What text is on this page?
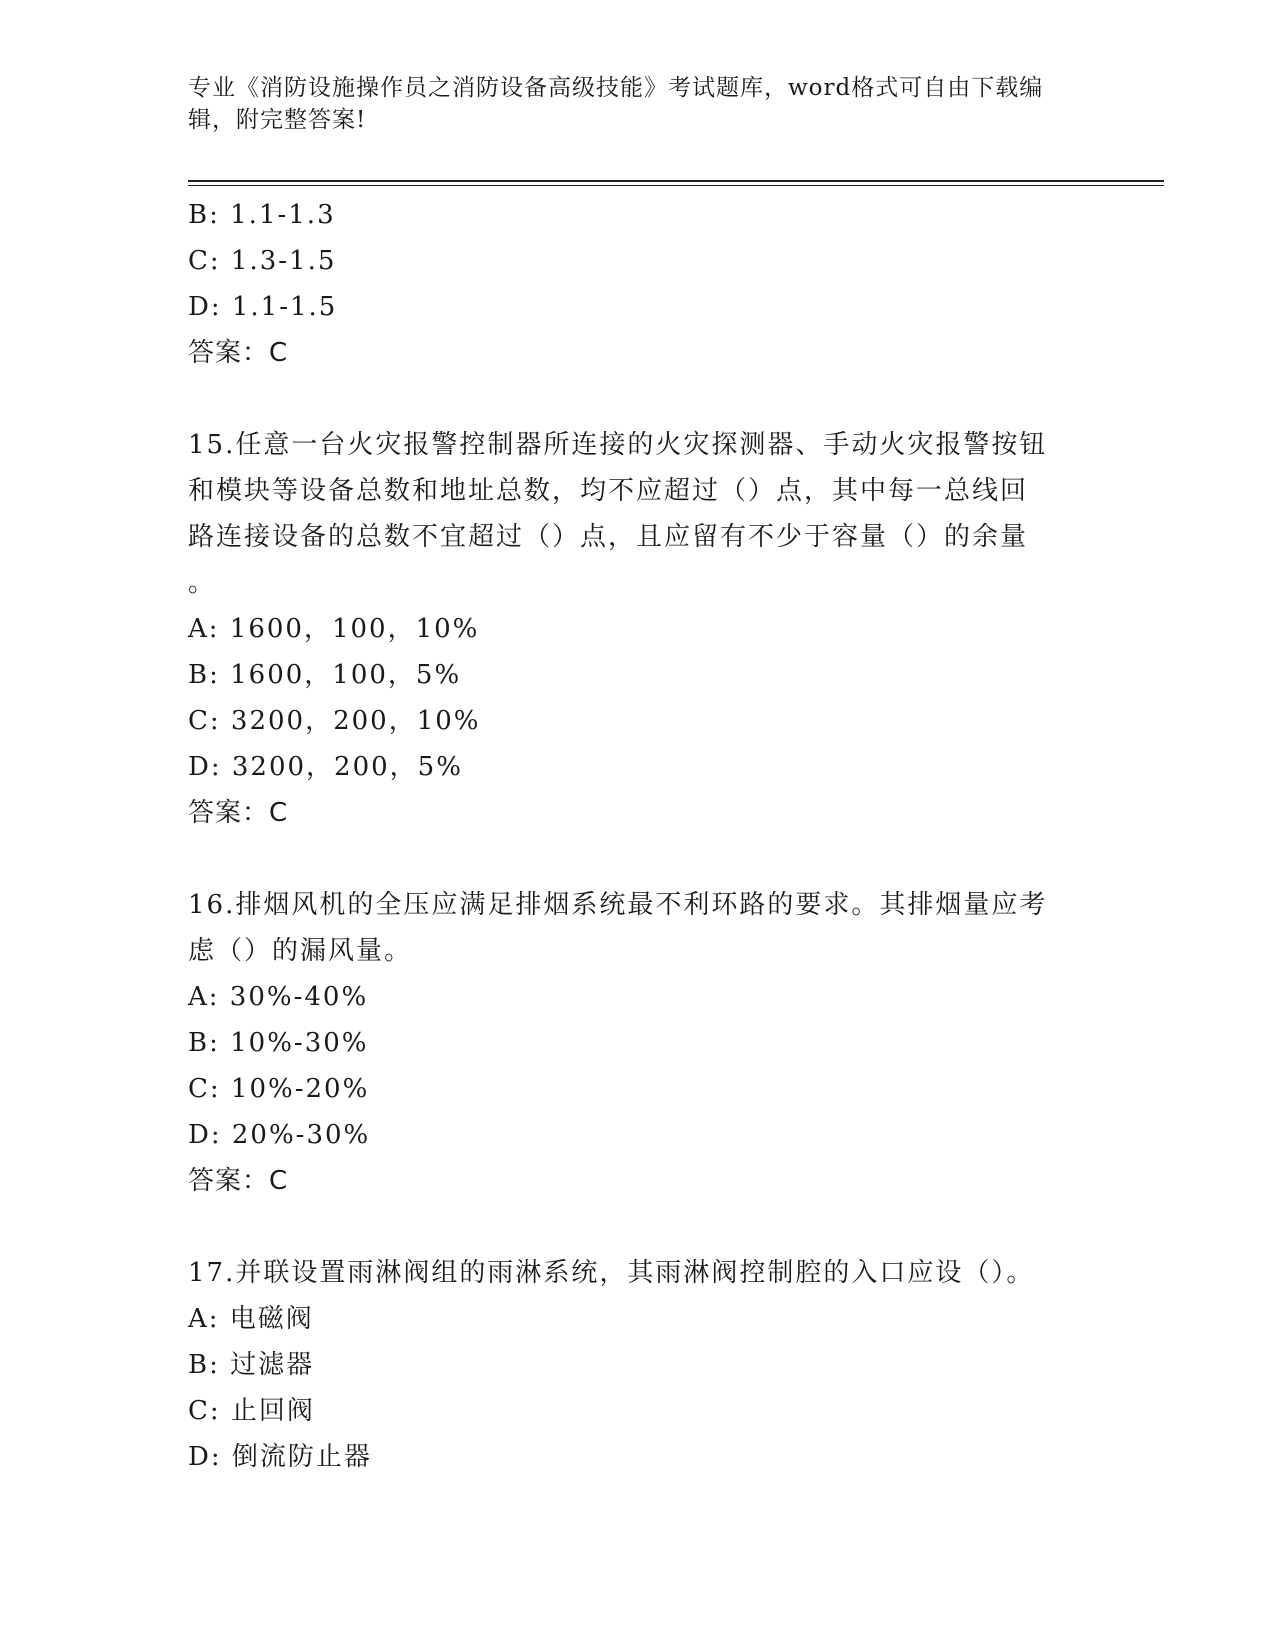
专业《消防设施操作员之消防设备高级技能》考试题库，word格式可自由下载编
辑，附完整答案!
B: 1.1-1.3
C: 1.3-1.5
D: 1.1-1.5
答案：C
15.任意一台火灾报警控制器所连接的火灾探测器、手动火灾报警按钮
和模块等设备总数和地址总数，均不应超过（）点，其中每一总线回
路连接设备的总数不宜超过（）点，且应留有不少于容量（）的余量
。
A: 1600，100，10%
B: 1600，100，5%
C: 3200，200，10%
D: 3200，200，5%
答案：C
16.排烟风机的全压应满足排烟系统最不利环路的要求。其排烟量应考
虑（）的漏风量。
A: 30%-40%
B: 10%-30%
C: 10%-20%
D: 20%-30%
答案：C
17.并联设置雨淋阀组的雨淋系统，其雨淋阀控制腔的入口应设（）。
A: 电磁阀
B: 过滤器
C: 止回阀
D: 倒流防止器
